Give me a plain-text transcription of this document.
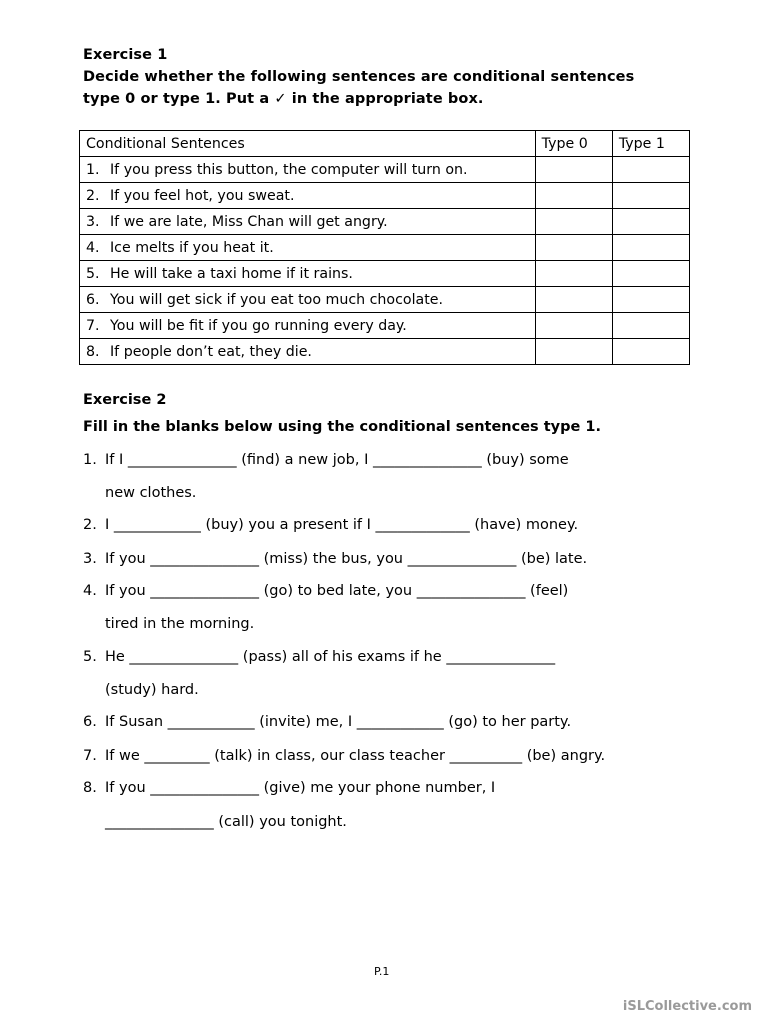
Exercise 1
Decide whether the following sentences are conditional sentences
type 0 or type 1. Put a ✓ in the appropriate box.
Conditional Sentences	Type 0	Type 1
1. If you press this button, the computer will turn on.		
2. If you feel hot, you sweat.		
3. If we are late, Miss Chan will get angry.		
4. Ice melts if you heat it.		
5. He will take a taxi home if it rains.		
6. You will get sick if you eat too much chocolate.		
7. You will be fit if you go running every day.		
8. If people don’t eat, they die.		
Exercise 2
Fill in the blanks below using the conditional sentences type 1.
1. If I _______________ (find) a new job, I _______________ (buy) some
new clothes.
2. I ____________ (buy) you a present if I _____________ (have) money.
3. If you _______________ (miss) the bus, you _______________ (be) late.
4. If you _______________ (go) to bed late, you _______________ (feel)
tired in the morning.
5. He _______________ (pass) all of his exams if he _______________
(study) hard.
6. If Susan ____________ (invite) me, I ____________ (go) to her party.
7. If we _________ (talk) in class, our class teacher __________ (be) angry.
8. If you _______________ (give) me your phone number, I
_______________ (call) you tonight.
P.1
iSLCollective.com
